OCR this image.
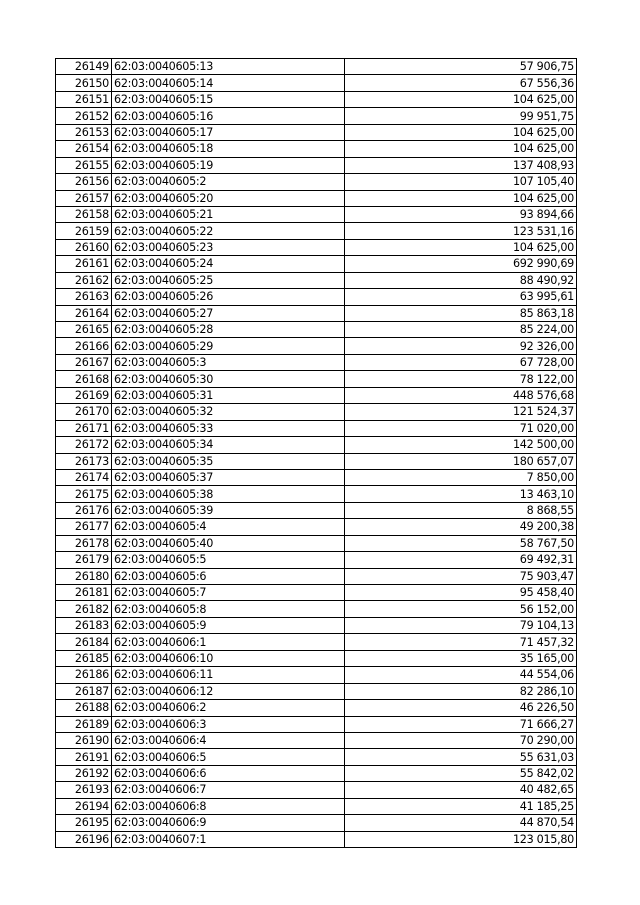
26149	62:03:0040605:13	57 906,75
26150	62:03:0040605:14	67 556,36
26151	62:03:0040605:15	104 625,00
26152	62:03:0040605:16	99 951,75
26153	62:03:0040605:17	104 625,00
26154	62:03:0040605:18	104 625,00
26155	62:03:0040605:19	137 408,93
26156	62:03:0040605:2	107 105,40
26157	62:03:0040605:20	104 625,00
26158	62:03:0040605:21	93 894,66
26159	62:03:0040605:22	123 531,16
26160	62:03:0040605:23	104 625,00
26161	62:03:0040605:24	692 990,69
26162	62:03:0040605:25	88 490,92
26163	62:03:0040605:26	63 995,61
26164	62:03:0040605:27	85 863,18
26165	62:03:0040605:28	85 224,00
26166	62:03:0040605:29	92 326,00
26167	62:03:0040605:3	67 728,00
26168	62:03:0040605:30	78 122,00
26169	62:03:0040605:31	448 576,68
26170	62:03:0040605:32	121 524,37
26171	62:03:0040605:33	71 020,00
26172	62:03:0040605:34	142 500,00
26173	62:03:0040605:35	180 657,07
26174	62:03:0040605:37	7 850,00
26175	62:03:0040605:38	13 463,10
26176	62:03:0040605:39	8 868,55
26177	62:03:0040605:4	49 200,38
26178	62:03:0040605:40	58 767,50
26179	62:03:0040605:5	69 492,31
26180	62:03:0040605:6	75 903,47
26181	62:03:0040605:7	95 458,40
26182	62:03:0040605:8	56 152,00
26183	62:03:0040605:9	79 104,13
26184	62:03:0040606:1	71 457,32
26185	62:03:0040606:10	35 165,00
26186	62:03:0040606:11	44 554,06
26187	62:03:0040606:12	82 286,10
26188	62:03:0040606:2	46 226,50
26189	62:03:0040606:3	71 666,27
26190	62:03:0040606:4	70 290,00
26191	62:03:0040606:5	55 631,03
26192	62:03:0040606:6	55 842,02
26193	62:03:0040606:7	40 482,65
26194	62:03:0040606:8	41 185,25
26195	62:03:0040606:9	44 870,54
26196	62:03:0040607:1	123 015,80
